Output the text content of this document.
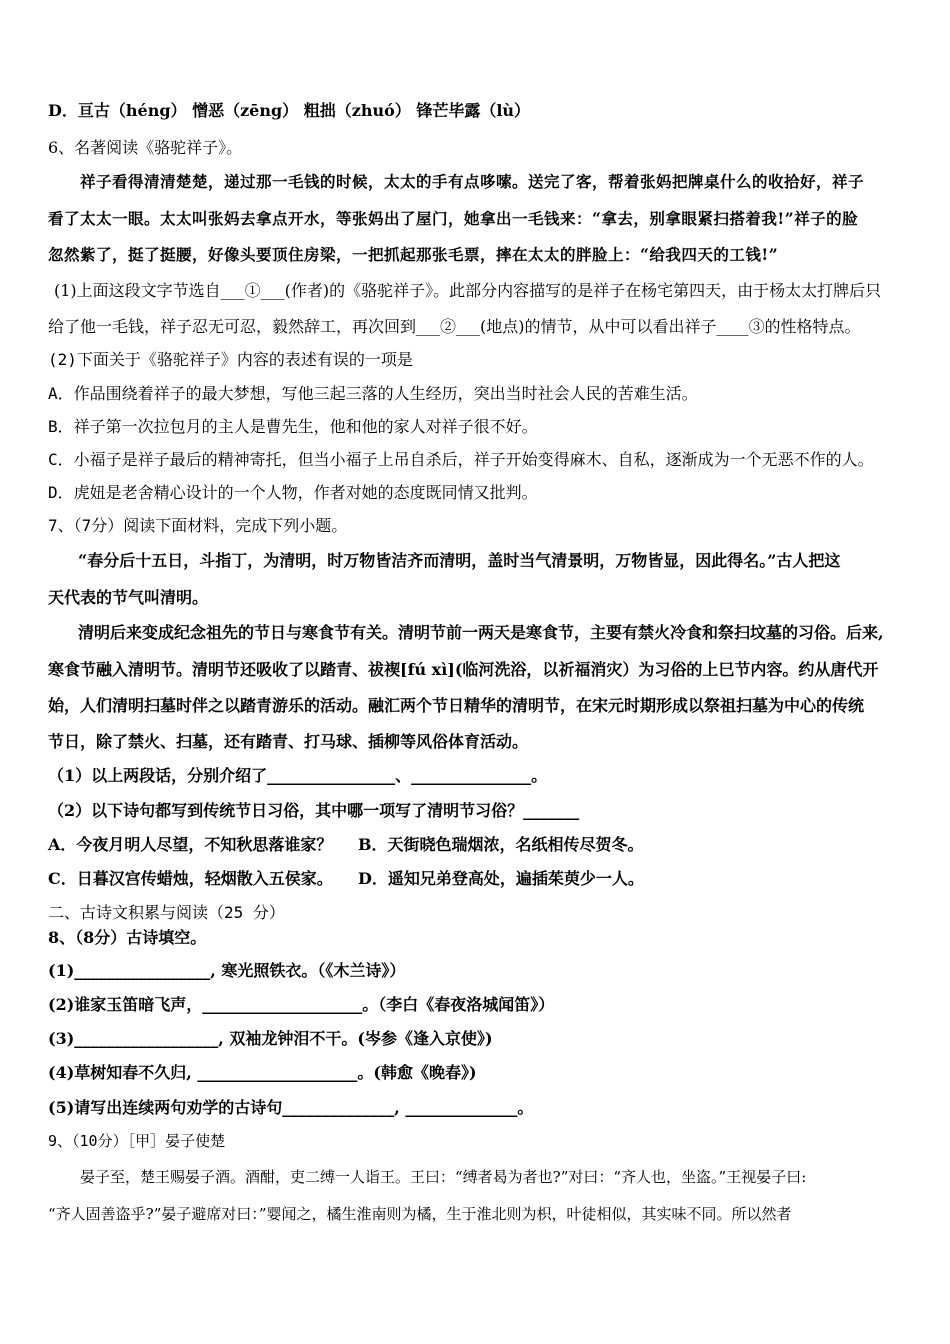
D．亘古（héng） 憎恶（zēng） 粗拙（zhuó） 锋芒毕露（lù）
6、名著阅读《骆驼祥子》。
祥子看得清清楚楚，递过那一毛钱的时候，太太的手有点哆嗦。送完了客，帮着张妈把牌桌什么的收拾好，祥子
看了太太一眼。太太叫张妈去拿点开水，等张妈出了屋门，她拿出一毛钱来：“拿去，别拿眼紧扫搭着我!”祥子的脸
忽然紫了，挺了挺腰，好像头要顶住房梁，一把抓起那张毛票，摔在太太的胖脸上：“给我四天的工钱!”
(1)上面这段文字节选自___①___(作者)的《骆驼祥子》。此部分内容描写的是祥子在杨宅第四天，由于杨太太打牌后只
给了他一毛钱，祥子忍无可忍，毅然辞工，再次回到___②___(地点)的情节，从中可以看出祥子____③的性格特点。
(2)下面关于《骆驼祥子》内容的表述有误的一项是
A．作品围绕着祥子的最大梦想，写他三起三落的人生经历，突出当时社会人民的苦难生活。
B．祥子第一次拉包月的主人是曹先生，他和他的家人对祥子很不好。
C．小福子是祥子最后的精神寄托，但当小福子上吊自杀后，祥子开始变得麻木、自私，逐渐成为一个无恶不作的人。
D．虎妞是老舍精心设计的一个人物，作者对她的态度既同情又批判。
7、（7分）阅读下面材料，完成下列小题。
“春分后十五日，斗指丁，为清明，时万物皆洁齐而清明，盖时当气清景明，万物皆显，因此得名。”古人把这
天代表的节气叫清明。
清明后来变成纪念祖先的节日与寒食节有关。清明节前一两天是寒食节，主要有禁火冷食和祭扫坟墓的习俗。后来,
寒食节融入清明节。清明节还吸收了以踏青、祓禊[fú xì](临河洗浴，以祈福消灾）为习俗的上巳节内容。约从唐代开
始，人们清明扫墓时伴之以踏青游乐的活动。融汇两个节日精华的清明节，在宋元时期形成以祭祖扫墓为中心的传统
节日，除了禁火、扫墓，还有踏青、打马球、插柳等风俗体育活动。
（1）以上两段话，分别介绍了________________、_______________。
（2）以下诗句都写到传统节日习俗，其中哪一项写了清明节习俗？_______
A．今夜月明人尽望，不知秋思落谁家？ B．天街晓色瑞烟浓，名纸相传尽贺冬。
C．日暮汉宫传蜡烛，轻烟散入五侯家。 D．遥知兄弟登高处，遍插茱萸少一人。
二、古诗文积累与阅读（25 分）
8、（8分）古诗填空。
(1)_________________, 寒光照铁衣。（《木兰诗》）
(2)谁家玉笛暗飞声，____________________。（李白《春夜洛城闻笛》）
(3)__________________, 双袖龙钟泪不干。(岑参《逢入京使》)
(4)草树知春不久归, ____________________。(韩愈《晚春》)
(5)请写出连续两句劝学的古诗句______________, ______________。
9、（10分）［甲］晏子使楚
晏子至，楚王赐晏子酒。酒酣，吏二缚一人诣王。王曰：“缚者曷为者也?”对曰：“齐人也，坐盗。”王视晏子曰:
“齐人固善盗乎?”晏子避席对曰：”婴闻之，橘生淮南则为橘，生于淮北则为枳，叶徒相似，其实味不同。所以然者
